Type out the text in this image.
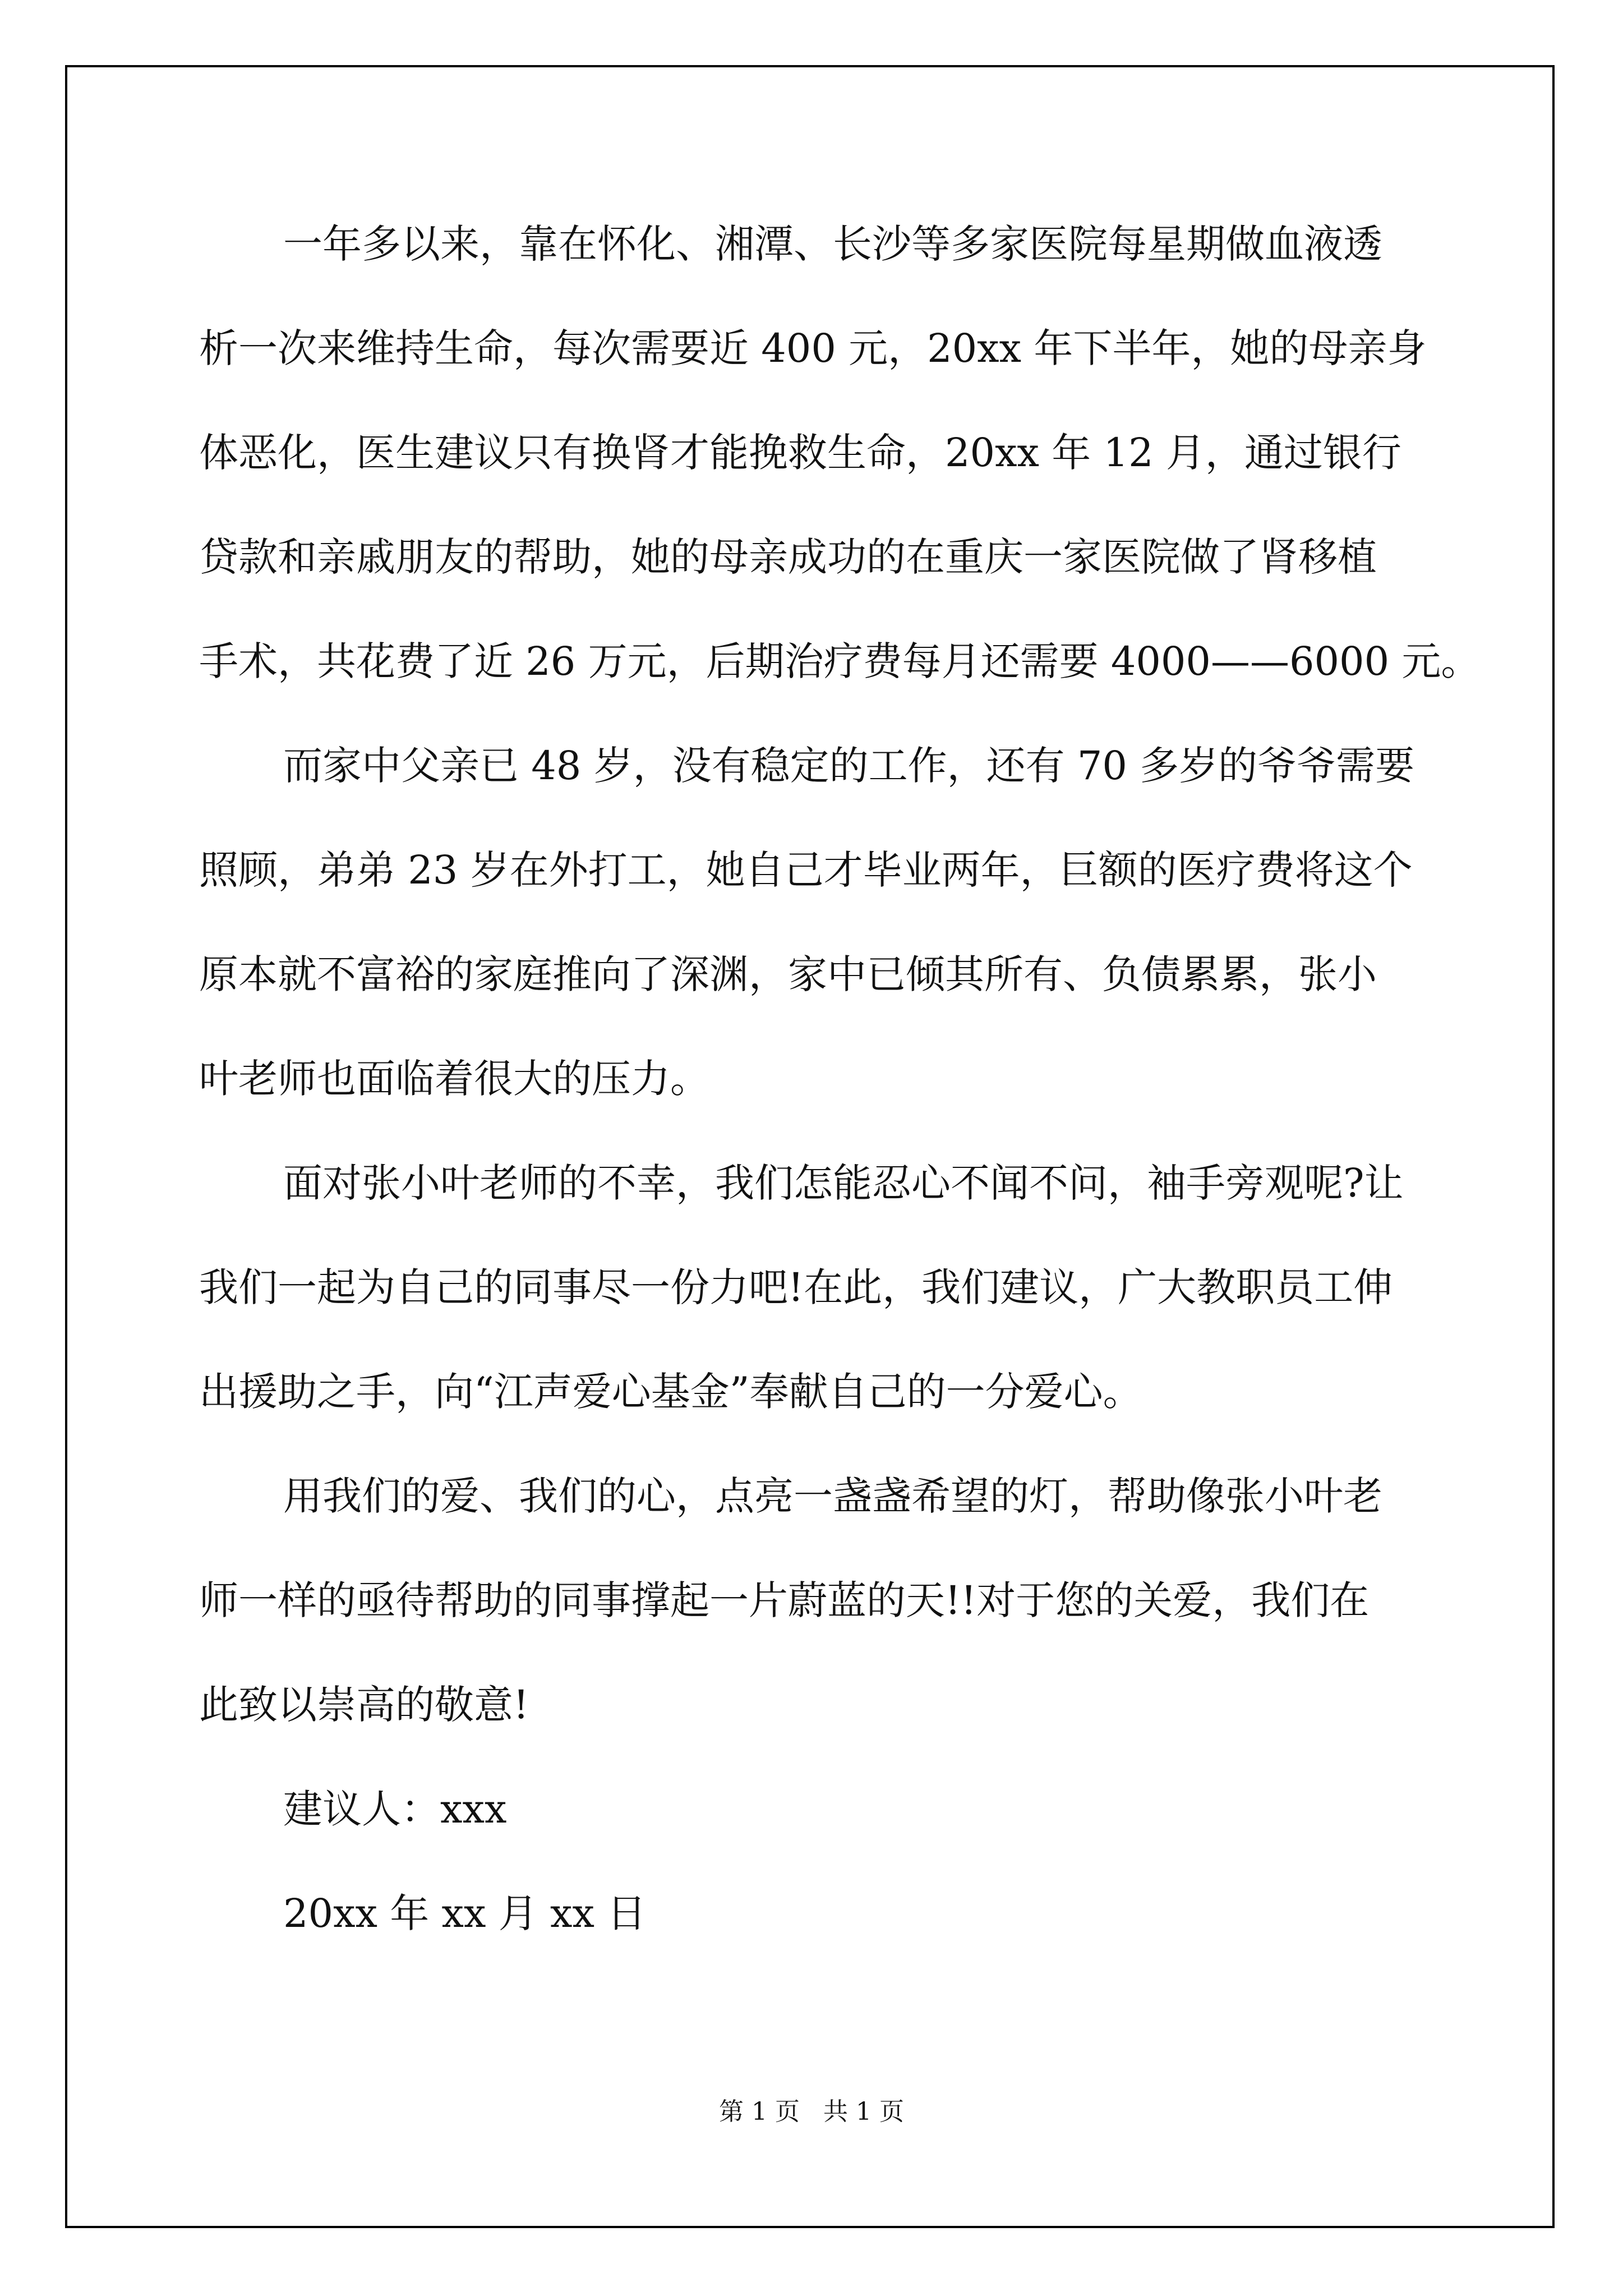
一年多以来，靠在怀化、湘潭、长沙等多家医院每星期做血液透
析一次来维持生命，每次需要近 400 元，20xx 年下半年，她的母亲身
体恶化，医生建议只有换肾才能挽救生命，20xx 年 12 月，通过银行
贷款和亲戚朋友的帮助，她的母亲成功的在重庆一家医院做了肾移植
手术，共花费了近 26 万元，后期治疗费每月还需要 4000——6000 元。
而家中父亲已 48 岁，没有稳定的工作，还有 70 多岁的爷爷需要
照顾，弟弟 23 岁在外打工，她自己才毕业两年，巨额的医疗费将这个
原本就不富裕的家庭推向了深渊，家中已倾其所有、负债累累，张小
叶老师也面临着很大的压力。
面对张小叶老师的不幸，我们怎能忍心不闻不问，袖手旁观呢?让
我们一起为自己的同事尽一份力吧!在此，我们建议，广大教职员工伸
出援助之手，向“江声爱心基金”奉献自己的一分爱心。
用我们的爱、我们的心，点亮一盏盏希望的灯，帮助像张小叶老
师一样的亟待帮助的同事撑起一片蔚蓝的天!!对于您的关爱，我们在
此致以崇高的敬意!
建议人：xxx
20xx 年 xx 月 xx 日
第 1 页   共 1 页
